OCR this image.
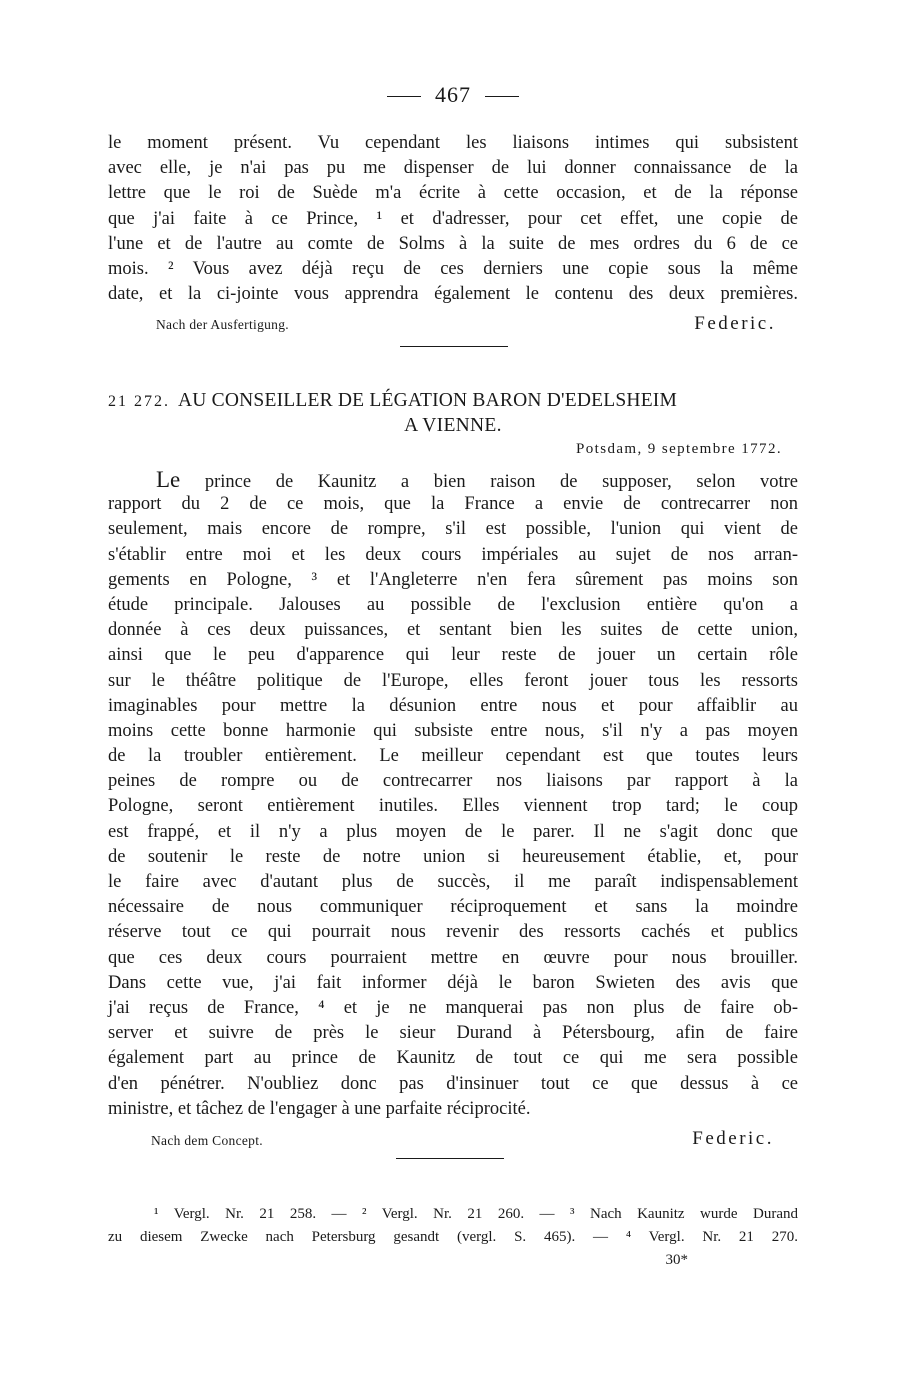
467
le moment présent. Vu cependant les liaisons intimes qui subsistent
avec elle, je n'ai pas pu me dispenser de lui donner connaissance de la
lettre que le roi de Suède m'a écrite à cette occasion, et de la réponse
que j'ai faite à ce Prince, ¹ et d'adresser, pour cet effet, une copie de
l'une et de l'autre au comte de Solms à la suite de mes ordres du 6 de ce
mois. ² Vous avez déjà reçu de ces derniers une copie sous la même
date, et la ci-jointe vous apprendra également le contenu des deux premières.
Nach der Ausfertigung.	Federic.
21 272. AU CONSEILLER DE LÉGATION BARON D'EDELSHEIM
A VIENNE.
Potsdam, 9 septembre 1772.
Le prince de Kaunitz a bien raison de supposer, selon votre
rapport du 2 de ce mois, que la France a envie de contrecarrer non
seulement, mais encore de rompre, s'il est possible, l'union qui vient de
s'établir entre moi et les deux cours impériales au sujet de nos arran-
gements en Pologne, ³ et l'Angleterre n'en fera sûrement pas moins son
étude principale. Jalouses au possible de l'exclusion entière qu'on a
donnée à ces deux puissances, et sentant bien les suites de cette union,
ainsi que le peu d'apparence qui leur reste de jouer un certain rôle
sur le théâtre politique de l'Europe, elles feront jouer tous les ressorts
imaginables pour mettre la désunion entre nous et pour affaiblir au
moins cette bonne harmonie qui subsiste entre nous, s'il n'y a pas moyen
de la troubler entièrement. Le meilleur cependant est que toutes leurs
peines de rompre ou de contrecarrer nos liaisons par rapport à la
Pologne, seront entièrement inutiles. Elles viennent trop tard; le coup
est frappé, et il n'y a plus moyen de le parer. Il ne s'agit donc que
de soutenir le reste de notre union si heureusement établie, et, pour
le faire avec d'autant plus de succès, il me paraît indispensablement
nécessaire de nous communiquer réciproquement et sans la moindre
réserve tout ce qui pourrait nous revenir des ressorts cachés et publics
que ces deux cours pourraient mettre en œuvre pour nous brouiller.
Dans cette vue, j'ai fait informer déjà le baron Swieten des avis que
j'ai reçus de France, ⁴ et je ne manquerai pas non plus de faire ob-
server et suivre de près le sieur Durand à Pétersbourg, afin de faire
également part au prince de Kaunitz de tout ce qui me sera possible
d'en pénétrer. N'oubliez donc pas d'insinuer tout ce que dessus à ce
ministre, et tâchez de l'engager à une parfaite réciprocité.
Nach dem Concept.	Federic.
¹ Vergl. Nr. 21 258. — ² Vergl. Nr. 21 260. — ³ Nach Kaunitz wurde Durand
zu diesem Zwecke nach Petersburg gesandt (vergl. S. 465). — ⁴ Vergl. Nr. 21 270.
30*
